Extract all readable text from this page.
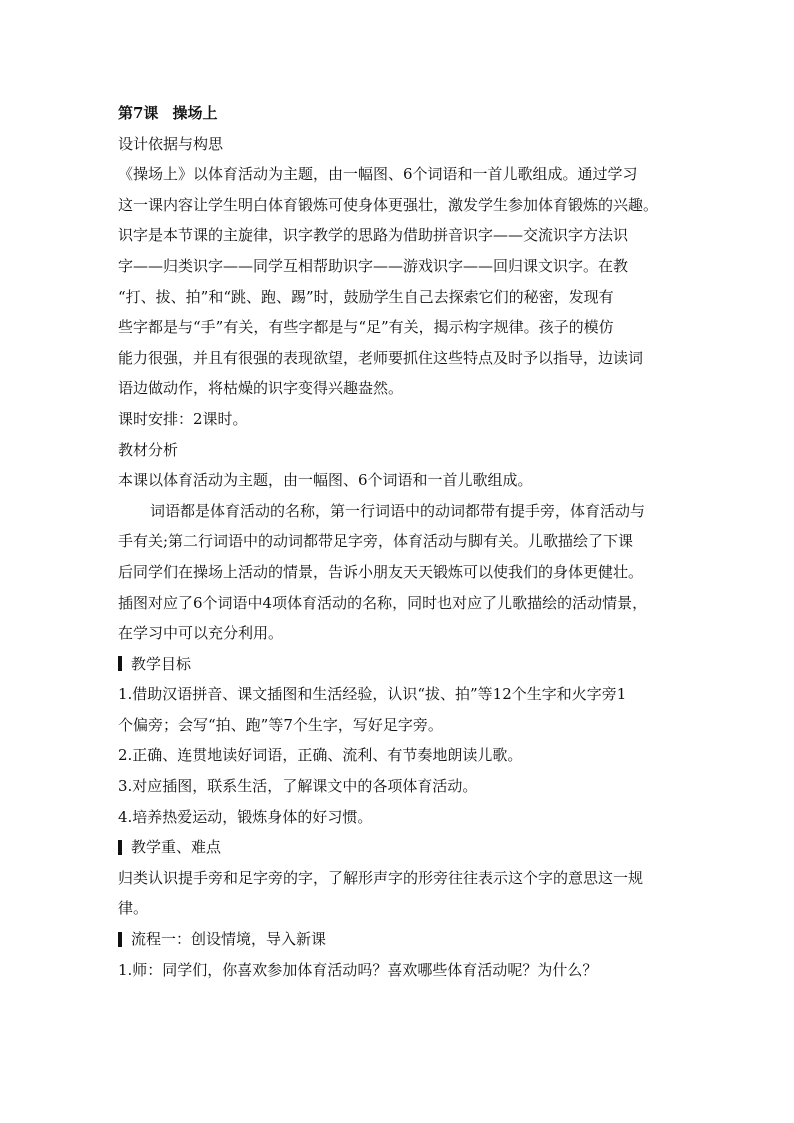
第7课 操场上
设计依据与构思
《操场上》以体育活动为主题，由一幅图、6个词语和一首儿歌组成。通过学习
这一课内容让学生明白体育锻炼可使身体更强壮，激发学生参加体育锻炼的兴趣。
识字是本节课的主旋律，识字教学的思路为借助拼音识字——交流识字方法识
字——归类识字——同学互相帮助识字——游戏识字——回归课文识字。在教
“打、拔、拍”和“跳、跑、踢”时，鼓励学生自己去探索它们的秘密，发现有
些字都是与“手”有关，有些字都是与“足”有关，揭示构字规律。孩子的模仿
能力很强，并且有很强的表现欲望，老师要抓住这些特点及时予以指导，边读词
语边做动作，将枯燥的识字变得兴趣盎然。
课时安排：2课时。
教材分析
本课以体育活动为主题，由一幅图、6个词语和一首儿歌组成。
词语都是体育活动的名称，第一行词语中的动词都带有提手旁，体育活动与
手有关;第二行词语中的动词都带足字旁，体育活动与脚有关。儿歌描绘了下课
后同学们在操场上活动的情景，告诉小朋友天天锻炼可以使我们的身体更健壮。
插图对应了6个词语中4项体育活动的名称，同时也对应了儿歌描绘的活动情景，
在学习中可以充分利用。
教学目标
1.借助汉语拼音、课文插图和生活经验，认识“拔、拍”等12个生字和火字旁1
个偏旁；会写“拍、跑”等7个生字，写好足字旁。
2.正确、连贯地读好词语，正确、流利、有节奏地朗读儿歌。
3.对应插图，联系生活，了解课文中的各项体育活动。
4.培养热爱运动，锻炼身体的好习惯。
教学重、难点
归类认识提手旁和足字旁的字，了解形声字的形旁往往表示这个字的意思这一规
律。
流程一：创设情境，导入新课
1.师：同学们，你喜欢参加体育活动吗？喜欢哪些体育活动呢？为什么？
